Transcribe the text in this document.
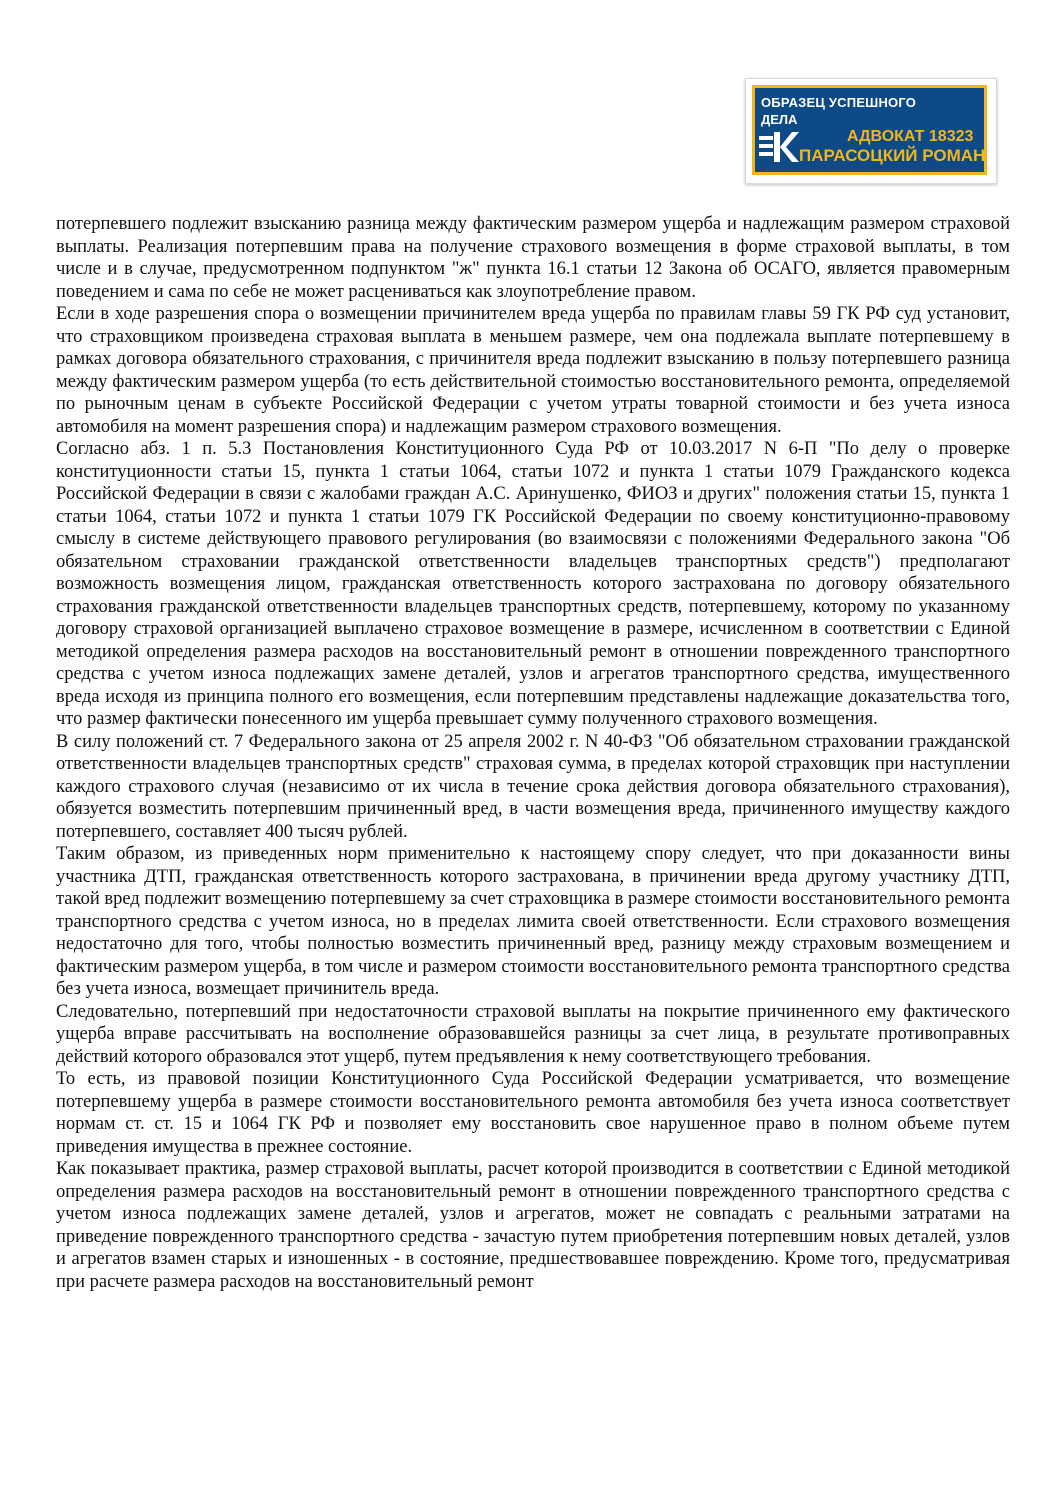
ОБРАЗЕЦ УСПЕШНОГО
ДЕЛА
АДВОКАТ 18323
ПАРАСОЦКИЙ РОМАН

потерпевшего подлежит взысканию разница между фактическим размером ущерба и надлежащим размером страховой выплаты. Реализация потерпевшим права на получение страхового возмещения в форме страховой выплаты, в том числе и в случае, предусмотренном подпунктом "ж" пункта 16.1 статьи 12 Закона об ОСАГО, является правомерным поведением и сама по себе не может расцениваться как злоупотребление правом.

Если в ходе разрешения спора о возмещении причинителем вреда ущерба по правилам главы 59 ГК РФ суд установит, что страховщиком произведена страховая выплата в меньшем размере, чем она подлежала выплате потерпевшему в рамках договора обязательного страхования, с причинителя вреда подлежит взысканию в пользу потерпевшего разница между фактическим размером ущерба (то есть действительной стоимостью восстановительного ремонта, определяемой по рыночным ценам в субъекте Российской Федерации с учетом утраты товарной стоимости и без учета износа автомобиля на момент разрешения спора) и надлежащим размером страхового возмещения.

Согласно абз. 1 п. 5.3 Постановления Конституционного Суда РФ от 10.03.2017 N 6-П "По делу о проверке конституционности статьи 15, пункта 1 статьи 1064, статьи 1072 и пункта 1 статьи 1079 Гражданского кодекса Российской Федерации в связи с жалобами граждан А.С. Аринушенко, ФИОЗ и других" положения статьи 15, пункта 1 статьи 1064, статьи 1072 и пункта 1 статьи 1079 ГК Российской Федерации по своему конституционно-правовому смыслу в системе действующего правового регулирования (во взаимосвязи с положениями Федерального закона "Об обязательном страховании гражданской ответственности владельцев транспортных средств") предполагают возможность возмещения лицом, гражданская ответственность которого застрахована по договору обязательного страхования гражданской ответственности владельцев транспортных средств, потерпевшему, которому по указанному договору страховой организацией выплачено страховое возмещение в размере, исчисленном в соответствии с Единой методикой определения размера расходов на восстановительный ремонт в отношении поврежденного транспортного средства с учетом износа подлежащих замене деталей, узлов и агрегатов транспортного средства, имущественного вреда исходя из принципа полного его возмещения, если потерпевшим представлены надлежащие доказательства того, что размер фактически понесенного им ущерба превышает сумму полученного страхового возмещения.

В силу положений ст. 7 Федерального закона от 25 апреля 2002 г. N 40-ФЗ "Об обязательном страховании гражданской ответственности владельцев транспортных средств" страховая сумма, в пределах которой страховщик при наступлении каждого страхового случая (независимо от их числа в течение срока действия договора обязательного страхования), обязуется возместить потерпевшим причиненный вред, в части возмещения вреда, причиненного имуществу каждого потерпевшего, составляет 400 тысяч рублей.

Таким образом, из приведенных норм применительно к настоящему спору следует, что при доказанности вины участника ДТП, гражданская ответственность которого застрахована, в причинении вреда другому участнику ДТП, такой вред подлежит возмещению потерпевшему за счет страховщика в размере стоимости восстановительного ремонта транспортного средства с учетом износа, но в пределах лимита своей ответственности. Если страхового возмещения недостаточно для того, чтобы полностью возместить причиненный вред, разницу между страховым возмещением и фактическим размером ущерба, в том числе и размером стоимости восстановительного ремонта транспортного средства без учета износа, возмещает причинитель вреда.

Следовательно, потерпевший при недостаточности страховой выплаты на покрытие причиненного ему фактического ущерба вправе рассчитывать на восполнение образовавшейся разницы за счет лица, в результате противоправных действий которого образовался этот ущерб, путем предъявления к нему соответствующего требования.

То есть, из правовой позиции Конституционного Суда Российской Федерации усматривается, что возмещение потерпевшему ущерба в размере стоимости восстановительного ремонта автомобиля без учета износа соответствует нормам ст. ст. 15 и 1064 ГК РФ и позволяет ему восстановить свое нарушенное право в полном объеме путем приведения имущества в прежнее состояние.

Как показывает практика, размер страховой выплаты, расчет которой производится в соответствии с Единой методикой определения размера расходов на восстановительный ремонт в отношении поврежденного транспортного средства с учетом износа подлежащих замене деталей, узлов и агрегатов, может не совпадать с реальными затратами на приведение поврежденного транспортного средства - зачастую путем приобретения потерпевшим новых деталей, узлов и агрегатов взамен старых и изношенных - в состояние, предшествовавшее повреждению. Кроме того, предусматривая при расчете размера расходов на восстановительный ремонт
